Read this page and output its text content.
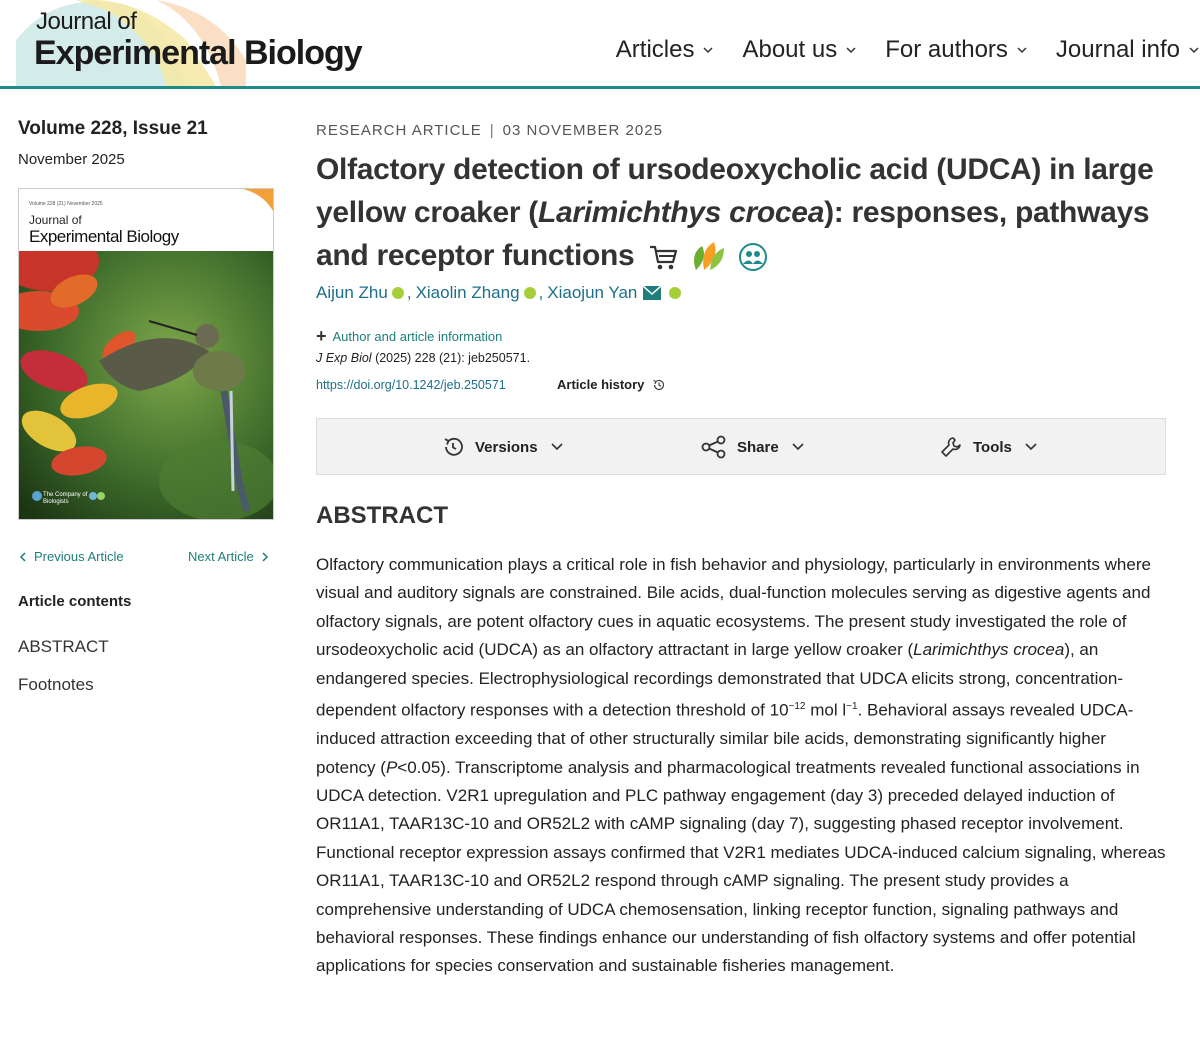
Journal of
Experimental Biology	Articles About us For authors Journal info
Volume 228, Issue 21
November 2025
Volume 228 (21) November 2025
Journal of
Experimental Biology
The Company of
Biologists
Previous Article	Next Article
Article contents
ABSTRACT
Footnotes
RESEARCH ARTICLE | 03 NOVEMBER 2025
Olfactory detection of ursodeoxycholic acid (UDCA) in large yellow croaker (Larimichthys crocea): responses, pathways and receptor functions
Aijun Zhu , Xiaolin Zhang , Xiaojun Yan
+ Author and article information
J Exp Biol (2025) 228 (21): jeb250571.
https://doi.org/10.1242/jeb.250571	Article history
Versions	Share	Tools
ABSTRACT

Olfactory communication plays a critical role in fish behavior and physiology, particularly in environments where visual and auditory signals are constrained. Bile acids, dual-function molecules serving as digestive agents and olfactory signals, are potent olfactory cues in aquatic ecosystems. The present study investigated the role of ursodeoxycholic acid (UDCA) as an olfactory attractant in large yellow croaker (Larimichthys crocea), an endangered species. Electrophysiological recordings demonstrated that UDCA elicits strong, concentration-dependent olfactory responses with a detection threshold of $10^{-12}$ mol $l^{-1}$. Behavioral assays revealed UDCA-induced attraction exceeding that of other structurally similar bile acids, demonstrating significantly higher potency (P<0.05). Transcriptome analysis and pharmacological treatments revealed functional associations in UDCA detection. V2R1 upregulation and PLC pathway engagement (day 3) preceded delayed induction of OR11A1, TAAR13C-10 and OR52L2 with cAMP signaling (day 7), suggesting phased receptor involvement. Functional receptor expression assays confirmed that V2R1 mediates UDCA-induced calcium signaling, whereas OR11A1, TAAR13C-10 and OR52L2 respond through cAMP signaling. The present study provides a comprehensive understanding of UDCA chemosensation, linking receptor function, signaling pathways and behavioral responses. These findings enhance our understanding of fish olfactory systems and offer potential applications for species conservation and sustainable fisheries management.
